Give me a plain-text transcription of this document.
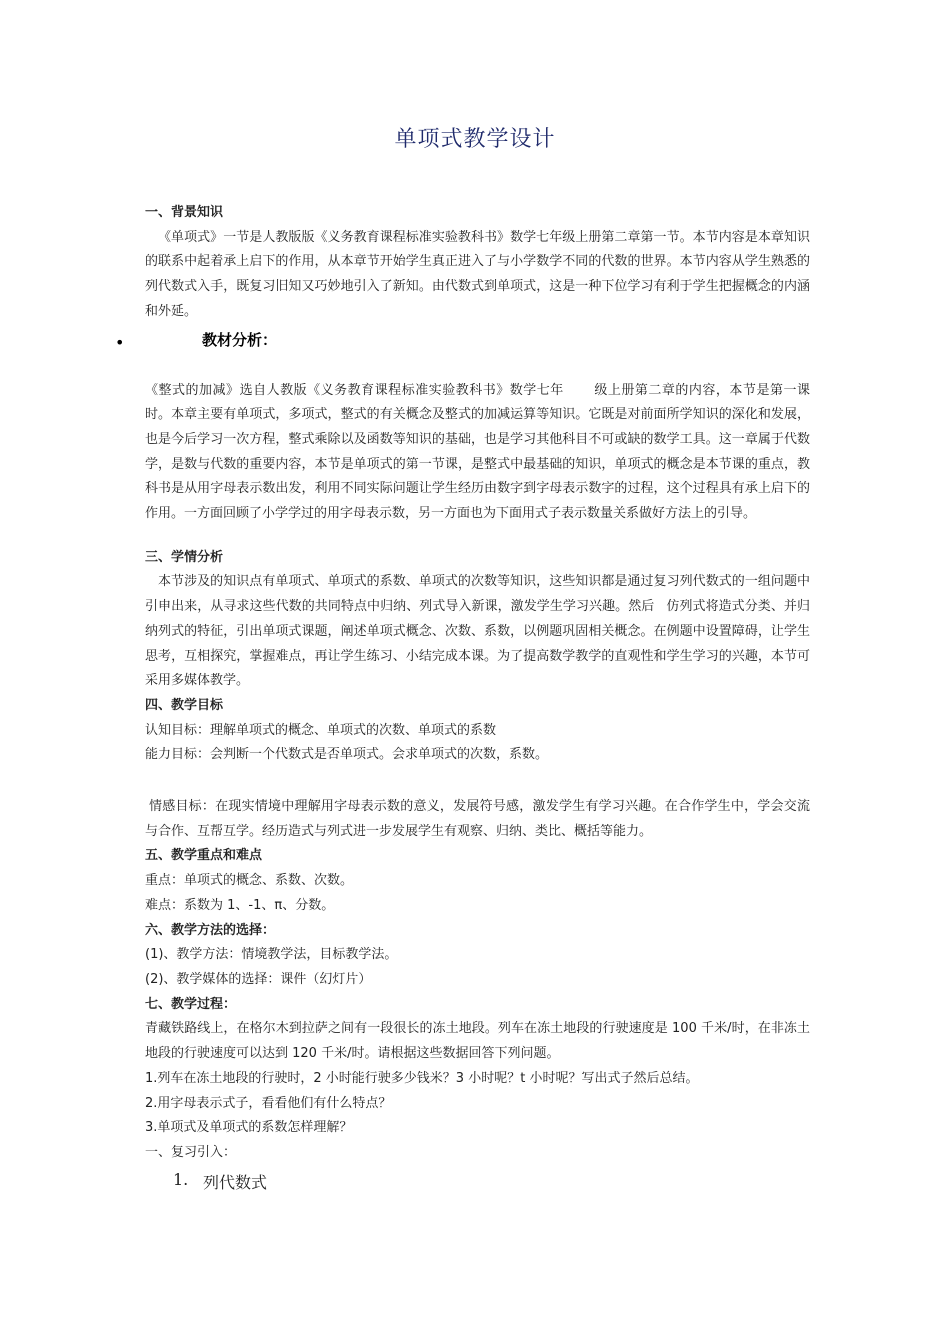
单项式教学设计

一、背景知识

《单项式》一节是人教版版《义务教育课程标准实验教科书》数学七年级上册第二章第一节。本节内容是本章知识的联系中起着承上启下的作用，从本章节开始学生真正进入了与小学数学不同的代数的世界。本节内容从学生熟悉的列代数式入手，既复习旧知又巧妙地引入了新知。由代数式到单项式，这是一种下位学习有利于学生把握概念的内涵和外延。

•	教材分析：

《整式的加减》选自人教版《义务教育课程标准实验教科书》数学七年 级上册第二章的内容，本节是第一课时。本章主要有单项式，多项式，整式的有关概念及整式的加减运算等知识。它既是对前面所学知识的深化和发展，也是今后学习一次方程，整式乘除以及函数等知识的基础，也是学习其他科目不可或缺的数学工具。这一章属于代数学，是数与代数的重要内容，本节是单项式的第一节课，是整式中最基础的知识，单项式的概念是本节课的重点，教科书是从用字母表示数出发，利用不同实际问题让学生经历由数字到字母表示数字的过程，这个过程具有承上启下的作用。一方面回顾了小学学过的用字母表示数，另一方面也为下面用式子表示数量关系做好方法上的引导。

三、学情分析

本节涉及的知识点有单项式、单项式的系数、单项式的次数等知识，这些知识都是通过复习列代数式的一组问题中引申出来，从寻求这些代数的共同特点中归纳、列式导入新课，激发学生学习兴趣。然后 仿列式将造式分类、并归纳列式的特征，引出单项式课题，阐述单项式概念、次数、系数，以例题巩固相关概念。在例题中设置障碍，让学生思考，互相探究，掌握难点，再让学生练习、小结完成本课。为了提高数学教学的直观性和学生学习的兴趣，本节可采用多媒体教学。

四、教学目标

认知目标：理解单项式的概念、单项式的次数、单项式的系数

能力目标：会判断一个代数式是否单项式。会求单项式的次数，系数。

情感目标：在现实情境中理解用字母表示数的意义，发展符号感，激发学生有学习兴趣。在合作学生中，学会交流与合作、互帮互学。经历造式与列式进一步发展学生有观察、归纳、类比、概括等能力。

五、教学重点和难点

重点：单项式的概念、系数、次数。

难点：系数为 1、-1、π、分数。

六、教学方法的选择：

(1)、教学方法：情境教学法，目标教学法。

(2)、教学媒体的选择：课件（幻灯片）

七、教学过程：

青藏铁路线上，在格尔木到拉萨之间有一段很长的冻土地段。列车在冻土地段的行驶速度是 100 千米/时，在非冻土地段的行驶速度可以达到 120 千米/时。请根据这些数据回答下列问题。

1.列车在冻土地段的行驶时，2 小时能行驶多少钱米？3 小时呢？t 小时呢？写出式子然后总结。

2.用字母表示式子，看看他们有什么特点？

3.单项式及单项式的系数怎样理解？

一、复习引入：

1. 列代数式
